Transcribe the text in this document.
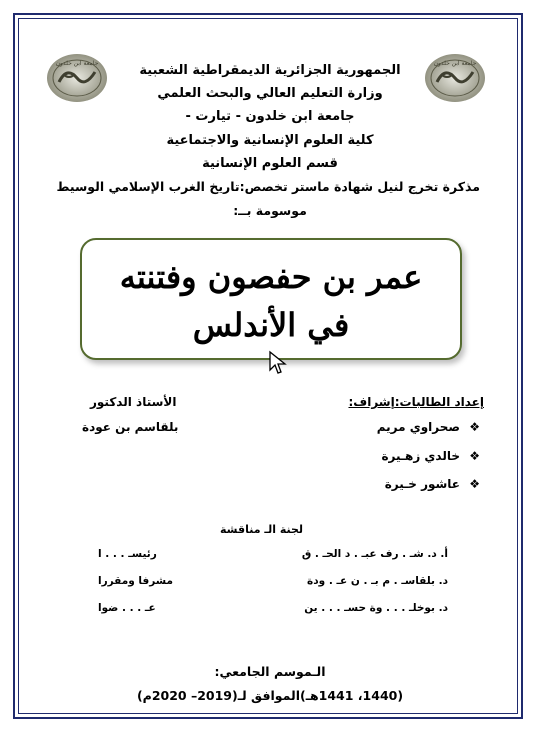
جامعة ابن خلدون	جامعة ابن خلدون
الجمهورية الجزائرية الديمقراطية الشعبية
وزارة التعليم العالي والبحث العلمي
جامعة ابن خلدون - تيارت -
كلية العلوم الإنسانية والاجتماعية
قسم العلوم الإنسانية
مذكرة تخرج لنيل شهادة ماستر تخصص:تاريخ الغرب الإسلامي الوسيط
موسومة بــ:
عمر بن حفصون وفتنته
في الأندلس
إعداد الطالبات:إشراف:
الأستاذ الدكتور
بلقاسم بن عودة	❖صحراوي مريم
❖خالدي زهـيرة
❖عاشور خـيرة
لجنة الـ مناقشة
أ. د. شـ . رف عبـ . د الحـ . ق
رئيسـ . . . ا
د. بلقاسـ . م بـ . ن عـ . ودة
مشرفا ومقررا
د. بوخلـ . . . وة حسـ . . . ين
عـ . . . ضوا
الـموسم الجامعي:
(1440، 1441هـ)الموافق لـ(2019– 2020م)
